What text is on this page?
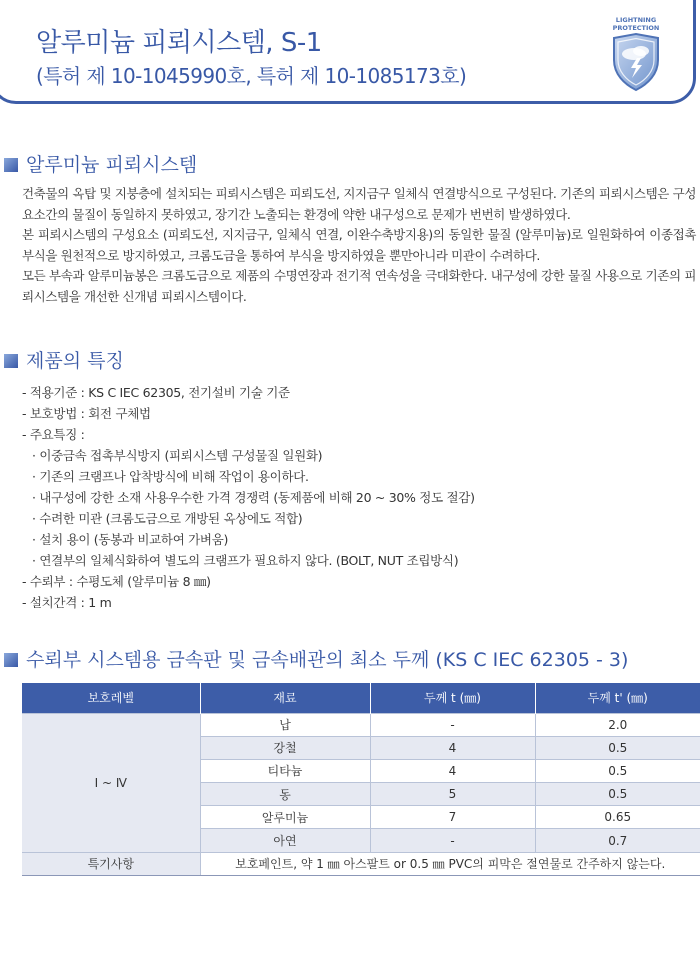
알루미늄 피뢰시스템, S-1
(특허 제 10-1045990호, 특허 제 10-1085173호)
LIGHTNING
PROTECTION
알루미늄 피뢰시스템

건축물의 옥탑 및 지붕층에 설치되는 피뢰시스템은 피뢰도선, 지지금구 일체식 연결방식으로 구성된다. 기존의 피뢰시스템은 구성요소간의 물질이 동일하지 못하였고, 장기간 노출되는 환경에 약한 내구성으로 문제가 번번히 발생하였다.

본 피뢰시스템의 구성요소 (피뢰도선, 지지금구, 일체식 연결, 이완수축방지용)의 동일한 물질 (알루미늄)로 일원화하여 이종접촉부식을 원천적으로 방지하였고, 크롬도금을 통하여 부식을 방지하였을 뿐만아니라 미관이 수려하다.

모든 부속과 알루미늄봉은 크롬도금으로 제품의 수명연장과 전기적 연속성을 극대화한다. 내구성에 강한 물질 사용으로 기존의 피뢰시스템을 개선한 신개념 피뢰시스템이다.

제품의 특징
- 적용기준 : KS C IEC 62305, 전기설비 기술 기준
- 보호방법 : 회전 구체법
- 주요특징 :
· 이중금속 접촉부식방지 (피뢰시스템 구성물질 일원화)
· 기존의 크램프나 압착방식에 비해 작업이 용이하다.
· 내구성에 강한 소재 사용우수한 가격 경쟁력 (동제품에 비해 20 ~ 30% 정도 절감)
· 수려한 미관 (크롬도금으로 개방된 옥상에도 적합)
· 설치 용이 (동봉과 비교하여 가벼움)
· 연결부의 일체식화하여 별도의 크램프가 필요하지 않다. (BOLT, NUT 조립방식)
- 수뢰부 : 수평도체 (알루미늄 8 ㎜)
- 설치간격 : 1 m
수뢰부 시스템용 금속판 및 금속배관의 최소 두께 (KS C IEC 62305 - 3)
보호레벨	재료	두께 t (㎜)	두께 t' (㎜)
Ⅰ ~ Ⅳ	납	-	2.0
	강철	4	0.5
	티타늄	4	0.5
	동	5	0.5
	알루미늄	7	0.65
	아연	-	0.7
특기사항	보호페인트, 약 1 ㎜ 아스팔트 or 0.5 ㎜ PVC의 피막은 절연물로 간주하지 않는다.		
